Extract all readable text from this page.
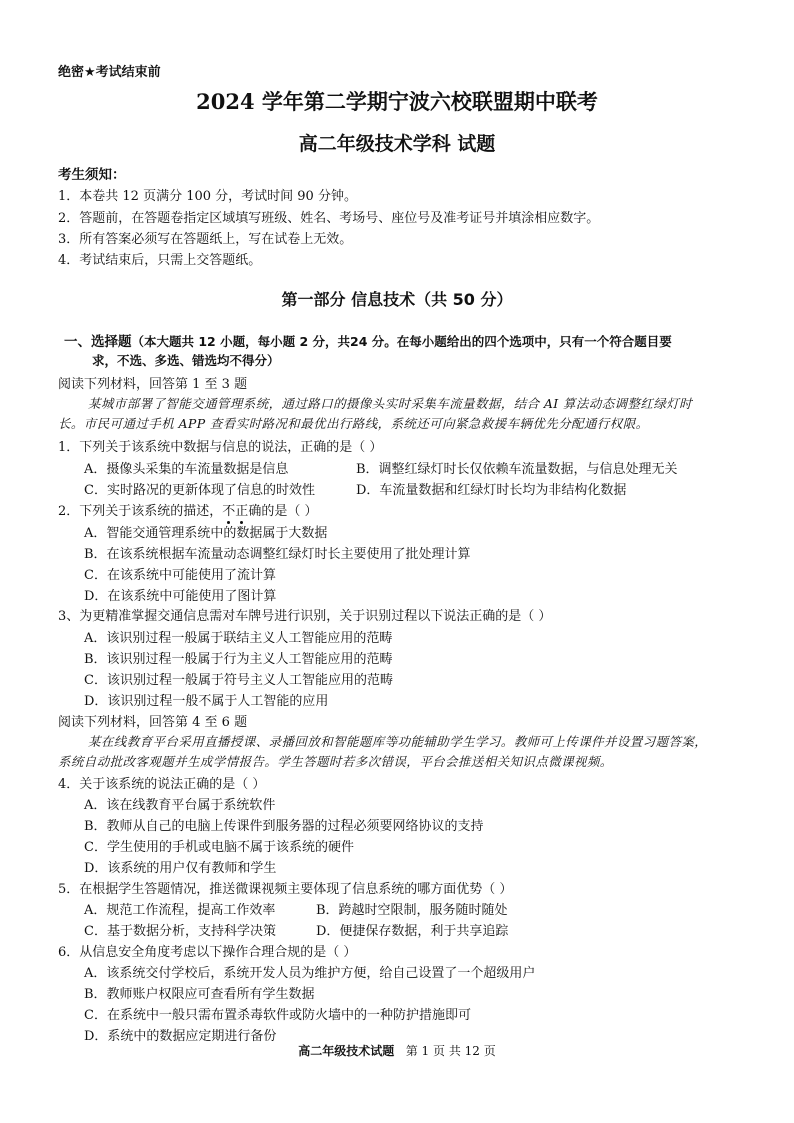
绝密★考试结束前
2024 学年第二学期宁波六校联盟期中联考
高二年级技术学科 试题
考生须知：
1．本卷共 12 页满分 100 分，考试时间 90 分钟。
2．答题前，在答题卷指定区域填写班级、姓名、考场号、座位号及准考证号并填涂相应数字。
3．所有答案必须写在答题纸上，写在试卷上无效。
4．考试结束后，只需上交答题纸。
第一部分 信息技术（共 50 分）
一、选择题（本大题共 12 小题，每小题 2 分，共24 分。在每小题给出的四个选项中，只有一个符合题目要
求，不选、多选、错选均不得分）
阅读下列材料，回答第 1 至 3 题
某城市部署了智能交通管理系统，通过路口的摄像头实时采集车流量数据，结合 AI 算法动态调整红绿灯时
长。市民可通过手机 APP 查看实时路况和最优出行路线，系统还可向紧急救援车辆优先分配通行权限。
1．下列关于该系统中数据与信息的说法，正确的是（ ）
A．摄像头采集的车流量数据是信息	B．调整红绿灯时长仅依赖车流量数据，与信息处理无关
C．实时路况的更新体现了信息的时效性	D．车流量数据和红绿灯时长均为非结构化数据
2．下列关于该系统的描述，不
正
确的是（ ）
A．智能交通管理系统中的数据属于大数据
B．在该系统根据车流量动态调整红绿灯时长主要使用了批处理计算
C．在该系统中可能使用了流计算
D．在该系统中可能使用了图计算
3、为更精准掌握交通信息需对车牌号进行识别，关于识别过程以下说法正确的是（ ）
A．该识别过程一般属于联结主义人工智能应用的范畴
B．该识别过程一般属于行为主义人工智能应用的范畴
C．该识别过程一般属于符号主义人工智能应用的范畴
D．该识别过程一般不属于人工智能的应用
阅读下列材料，回答第 4 至 6 题
某在线教育平台采用直播授课、录播回放和智能题库等功能辅助学生学习。教师可上传课件并设置习题答案，
系统自动批改客观题并生成学情报告。学生答题时若多次错误，平台会推送相关知识点微课视频。
4．关于该系统的说法正确的是（ ）
A．该在线教育平台属于系统软件
B．教师从自己的电脑上传课件到服务器的过程必须要网络协议的支持
C．学生使用的手机或电脑不属于该系统的硬件
D．该系统的用户仅有教师和学生
5．在根据学生答题情况，推送微课视频主要体现了信息系统的哪方面优势（ ）
A．规范工作流程，提高工作效率	B．跨越时空限制，服务随时随处
C．基于数据分析，支持科学决策	D．便捷保存数据，利于共享追踪
6．从信息安全角度考虑以下操作合理合规的是（ ）
A．该系统交付学校后，系统开发人员为维护方便，给自己设置了一个超级用户
B．教师账户权限应可查看所有学生数据
C．在系统中一般只需布置杀毒软件或防火墙中的一种防护措施即可
D．系统中的数据应定期进行备份
高二年级技术试题 第 1 页 共 12 页
